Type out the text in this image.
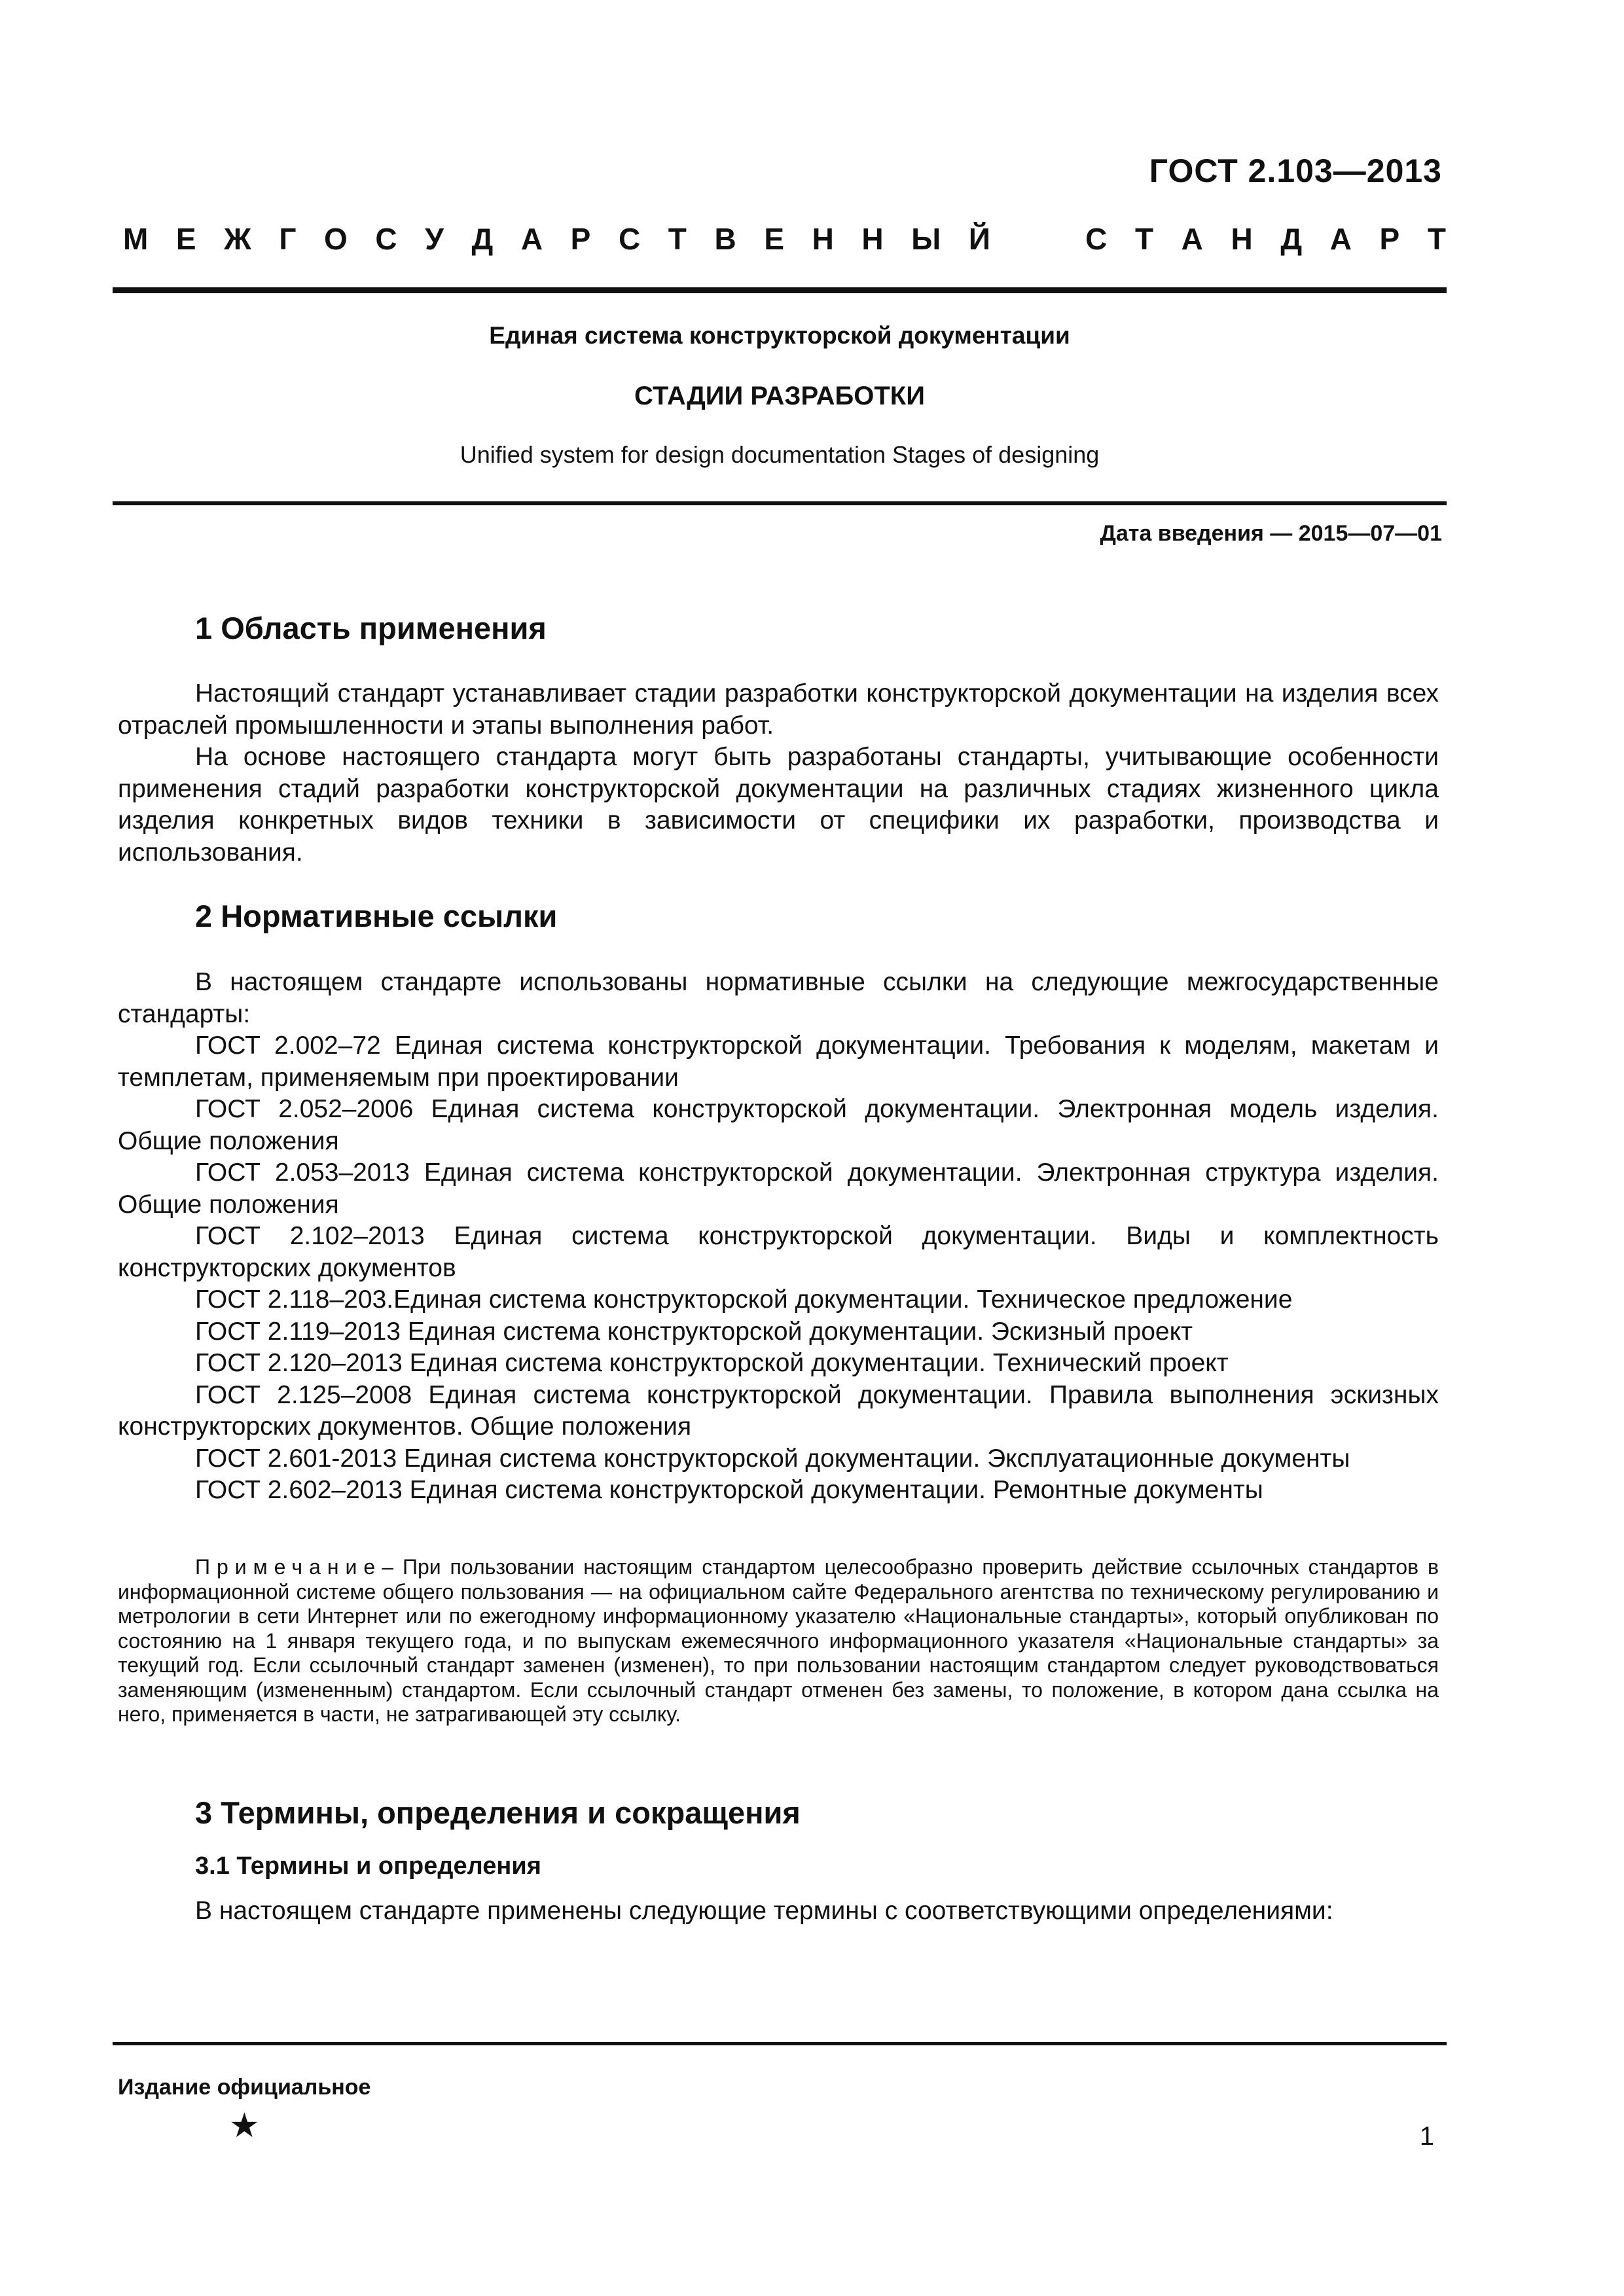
ГОСТ 2.103—2013
М Е Ж Г О С У Д А Р С Т В Е Н Н Ы Й	С Т А Н Д А Р Т
Единая система конструкторской документации
СТАДИИ РАЗРАБОТКИ
Unified system for design documentation Stages of designing
Дата введения — 2015—07—01
1 Область применения

Настоящий стандарт устанавливает стадии разработки конструкторской документации на изделия всех отраслей промышленности и этапы выполнения работ.

На основе настоящего стандарта могут быть разработаны стандарты, учитывающие особенности применения стадий разработки конструкторской документации на различных стадиях жизненного цикла изделия конкретных видов техники в зависимости от специфики их разработки, производства и использования.

2 Нормативные ссылки

В настоящем стандарте использованы нормативные ссылки на следующие межгосударственные стандарты:

ГОСТ 2.002–72 Единая система конструкторской документации. Требования к моделям, макетам и темплетам, применяемым при проектировании

ГОСТ 2.052–2006 Единая система конструкторской документации. Электронная модель изделия. Общие положения

ГОСТ 2.053–2013 Единая система конструкторской документации. Электронная структура изделия. Общие положения

ГОСТ 2.102–2013 Единая система конструкторской документации. Виды и комплектность конструкторских документов

ГОСТ 2.118–203.Единая система конструкторской документации. Техническое предложение

ГОСТ 2.119–2013 Единая система конструкторской документации. Эскизный проект

ГОСТ 2.120–2013 Единая система конструкторской документации. Технический проект

ГОСТ 2.125–2008 Единая система конструкторской документации. Правила выполнения эскизных конструкторских документов. Общие положения

ГОСТ 2.601-2013 Единая система конструкторской документации. Эксплуатационные документы

ГОСТ 2.602–2013 Единая система конструкторской документации. Ремонтные документы

Примечание– При пользовании настоящим стандартом целесообразно проверить действие ссылочных стандартов в информационной системе общего пользования — на официальном сайте Федерального агентства по техническому регулированию и метрологии в сети Интернет или по ежегодному информационному указателю «Национальные стандарты», который опубликован по состоянию на 1 января текущего года, и по выпускам ежемесячного информационного указателя «Национальные стандарты» за текущий год. Если ссылочный стандарт заменен (изменен), то при пользовании настоящим стандартом следует руководствоваться заменяющим (измененным) стандартом. Если ссылочный стандарт отменен без замены, то положение, в котором дана ссылка на него, применяется в части, не затрагивающей эту ссылку.
3 Термины, определения и сокращения
3.1 Термины и определения

В настоящем стандарте применены следующие термины с соответствующими определениями:

Издание официальное
★	1
